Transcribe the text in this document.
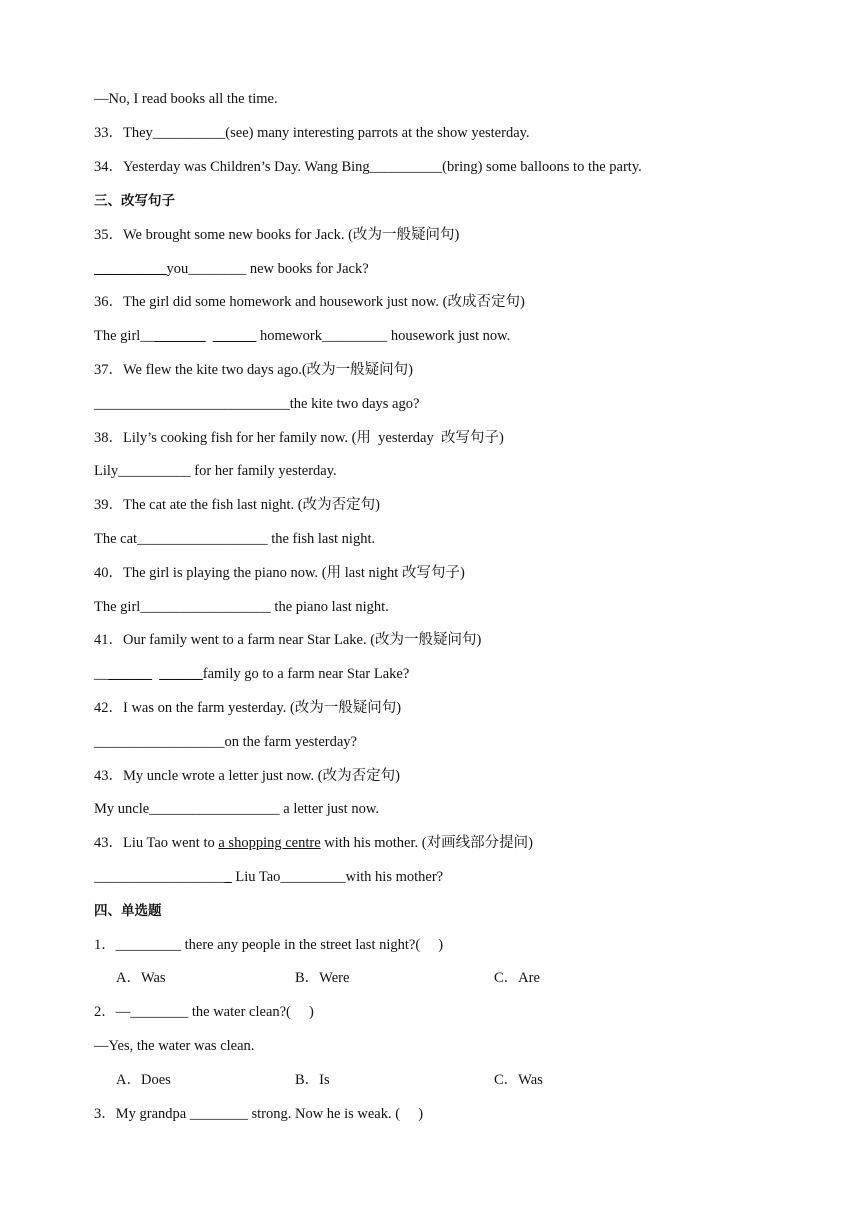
—No, I read books all the time.
33．They__________(see) many interesting parrots at the show yesterday.
34．Yesterday was Children’s Day. Wang Bing__________(bring) some balloons to the party.
三、改写句子
35．We brought some new books for Jack. (改为一般疑问句)
__________you________ new books for Jack?
36．The girl did some homework and housework just now. (改成否定句)
The girl_________ ______ homework_________ housework just now.
37．We flew the kite two days ago.(改为一般疑问句)
___________________________the kite two days ago?
38．Lily’s cooking fish for her family now. (用  yesterday  改写句子)
Lily__________ for her family yesterday.
39．The cat ate the fish last night. (改为否定句)
The cat__________________ the fish last night.
40．The girl is playing the piano now. (用 last night 改写句子)
The girl__________________ the piano last night.
41．Our family went to a farm near Star Lake. (改为一般疑问句)
________ ______family go to a farm near Star Lake?
42．I was on the farm yesterday. (改为一般疑问句)
__________________on the farm yesterday?
43．My uncle wrote a letter just now. (改为否定句)
My uncle__________________ a letter just now.
43．Liu Tao went to a shopping centre with his mother. (对画线部分提问)
___________________ Liu Tao_________with his mother?
四、单选题
1．_________ there any people in the street last night?(     )
A．Was	B．Were	C．Are
2．—________ the water clean?(     )
—Yes, the water was clean.
A．Does	B．Is	C．Was
3．My grandpa ________ strong. Now he is weak. (     )
